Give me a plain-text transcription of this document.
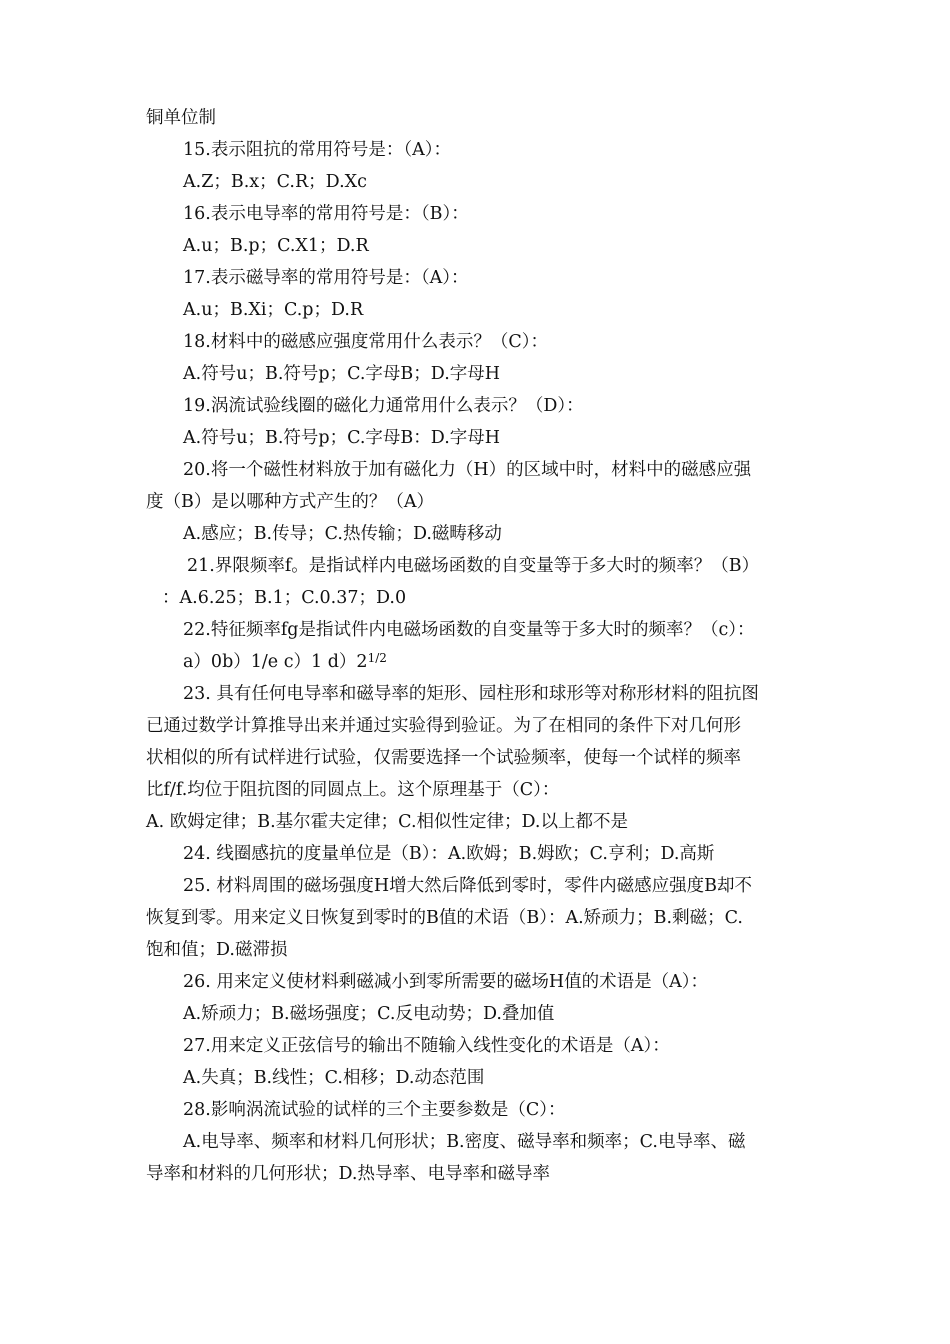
铜单位制
15.表示阻抗的常用符号是：（A）：
A.Z；B.x；C.R；D.Xc
16.表示电导率的常用符号是：（B）：
A.u；B.p；C.X1；D.R
17.表示磁导率的常用符号是：（A）：
A.u；B.Xi；C.p；D.R
18.材料中的磁感应强度常用什么表示？（C）：
A.符号u；B.符号p；C.字母B；D.字母H
19.涡流试验线圈的磁化力通常用什么表示？（D）：
A.符号u；B.符号p；C.字母B：D.字母H
20.将一个磁性材料放于加有磁化力（H）的区域中时，材料中的磁感应强
度（B）是以哪种方式产生的？（A）
A.感应；B.传导；C.热传输；D.磁畴移动
21.界限频率f。是指试样内电磁场函数的自变量等于多大时的频率？（B）
：A.6.25；B.1；C.0.37；D.0
22.特征频率fg是指试件内电磁场函数的自变量等于多大时的频率？（c）：
a）0b）1/e c）1 $d)2^{1/2}$
23. 具有任何电导率和磁导率的矩形、园柱形和球形等对称形材料的阻抗图
已通过数学计算推导出来并通过实验得到验证。为了在相同的条件下对几何形
状相似的所有试样进行试验，仅需要选择一个试验频率，使每一个试样的频率
比f/f.均位于阻抗图的同圆点上。这个原理基于（C）：
A. 欧姆定律；B.基尔霍夫定律；C.相似性定律；D.以上都不是
24. 线圈感抗的度量单位是（B）：A.欧姆；B.姆欧；C.亨利；D.高斯
25. 材料周围的磁场强度H增大然后降低到零时，零件内磁感应强度B却不
恢复到零。用来定义日恢复到零时的B值的术语（B）：A.矫顽力；B.剩磁；C.
饱和值；D.磁滞损
26. 用来定义使材料剩磁减小到零所需要的磁场H值的术语是（A）：
A.矫顽力；B.磁场强度；C.反电动势；D.叠加值
27.用来定义正弦信号的输出不随输入线性变化的术语是（A）：
A.失真；B.线性；C.相移；D.动态范围
28.影响涡流试验的试样的三个主要参数是（C）：
A.电导率、频率和材料几何形状；B.密度、磁导率和频率；C.电导率、磁
导率和材料的几何形状；D.热导率、电导率和磁导率
